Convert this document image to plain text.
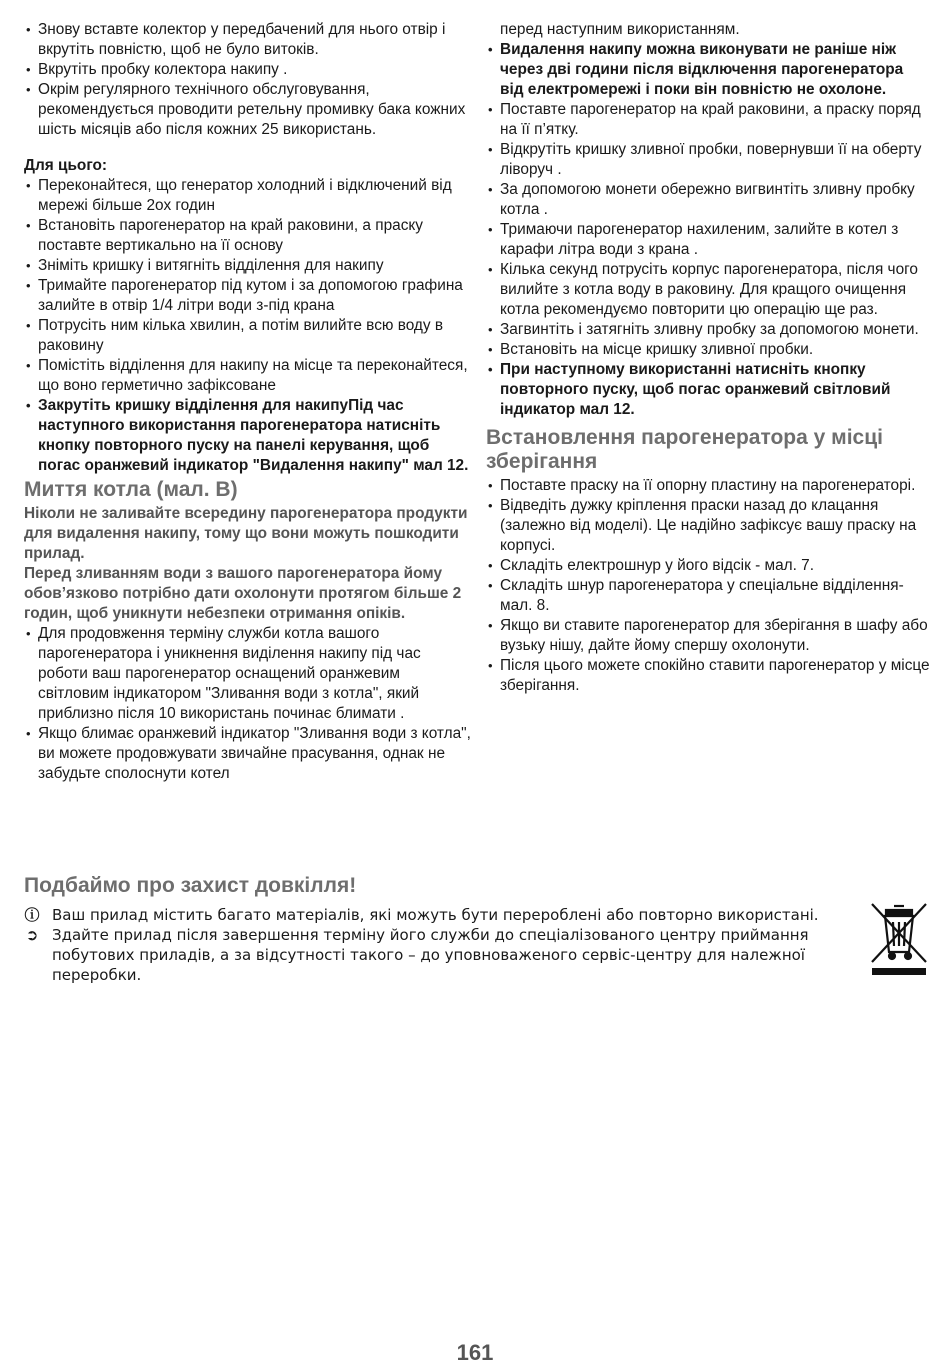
• Знову вставте колектор у передбачений для нього отвір і вкрутіть повністю, щоб не було витоків.
• Вкрутіть пробку колектора накипу .
• Окрім регулярного технічного обслуговування, рекомендується проводити ретельну промивку бака кожних шість місяців або після кожних 25 використань.

Для цього:

• Переконайтеся, що генератор холодний і відключений від мережі більше 2ох годин
• Встановіть парогенератор на край раковини, а праску поставте вертикально на її основу
• Зніміть кришку і витягніть відділення для накипу
• Тримайте парогенератор під кутом і за допомогою графина залийте в отвір 1/4 літри води з-під крана
• Потрусіть ним кілька хвилин, а потім вилийте всю воду в раковину
• Помістіть відділення для накипу на місце та переконайтеся, що воно герметично зафіксоване
• Закрутіть кришку відділення для накипуПід час наступного використання парогенератора натисніть кнопку повторного пуску на панелі керування, щоб погас оранжевий індикатор "Видалення накипу" мал 12.
Миття котла (мал. B)

Ніколи не заливайте всередину парогенератора продукти для видалення накипу, тому що вони можуть пошкодити прилад.

Перед зливанням води з вашого парогенератора йому обов’язково потрібно дати охолонути протягом більше 2 годин, щоб уникнути небезпеки отримання опіків.

• Для продовження терміну служби котла вашого парогенератора і уникнення виділення накипу під час роботи ваш парогенератор оснащений оранжевим світловим індикатором "Зливання води з котла", який приблизно після 10 використань починає блимати .
• Якщо блимає оранжевий індикатор "Зливання води з котла", ви можете продовжувати звичайне прасування, однак не забудьте сполоснути котел
перед наступним використанням.
• Видалення накипу можна виконувати не раніше ніж через дві години після відключення парогенератора від електромережі і поки він повністю не охолоне.
• Поставте парогенератор на край раковини, а праску поряд на її п’ятку.
• Відкрутіть кришку зливної пробки, повернувши її на оберту ліворуч .
• За допомогою монети обережно вигвинтіть зливну пробку котла .
• Тримаючи парогенератор нахиленим, залийте в котел з карафи літра води з крана .
• Кілька секунд потрусіть корпус парогенератора, після чого вилийте з котла воду в раковину. Для кращого очищення котла рекомендуємо повторити цю операцію ще раз.
• Загвинтіть і затягніть зливну пробку за допомогою монети.
• Встановіть на місце кришку зливної пробки.
• При наступному використанні натисніть кнопку повторного пуску, щоб погас оранжевий світловий індикатор мал 12.
Встановлення парогенератора у місці зберігання
• Поставте праску на її опорну пластину на парогенераторі.
• Відведіть дужку кріплення праски назад до клацання (залежно від моделі). Це надійно зафіксує вашу праску на корпусі.
• Складіть електрошнур у його відсік - мал. 7.
• Складіть шнур парогенератора у спеціальне відділення- мал. 8.
• Якщо ви ставите парогенератор для зберігання в шафу або вузьку нішу, дайте йому спершу охолонути.
• Після цього можете спокійно ставити парогенератор у місце зберігання.
Подбаймо про захист довкілля!
ⓘ Ваш прилад містить багато матеріалів, які можуть бути перероблені або повторно використані.
➲ Здайте прилад після завершення терміну його служби до спеціалізованого центру приймання побутових приладів, а за відсутності такого – до уповноваженого сервіс-центру для належної переробки.
161
